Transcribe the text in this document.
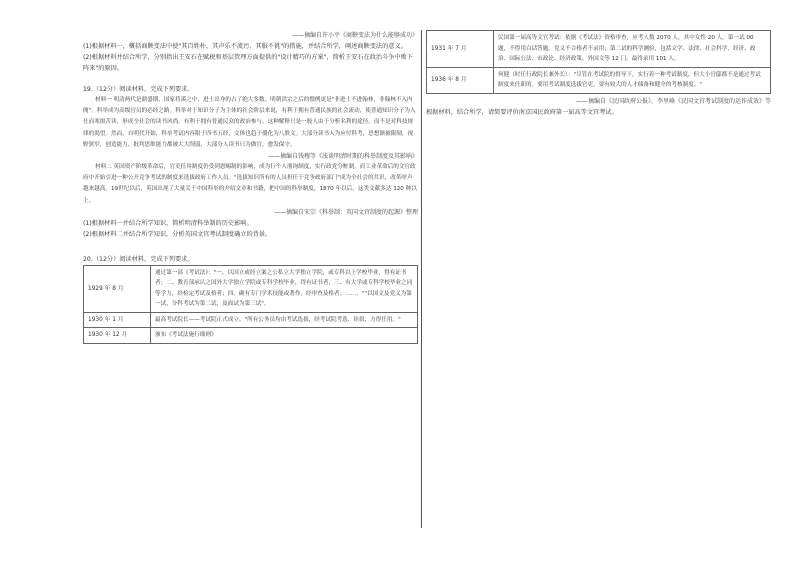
——摘编自许小平《商鞅变法为什么能够成功》

(1)根据材料一，概括商鞅变法中使"其百姓朴，其声乐不流污，其服不佻"的措施，并结合所学，阐述商鞅变法的意义。

(2)根据材料并结合所学，分别指出王安石在赋税和基层管理方面提供的"设计精巧的方案"，简析王安石在政治斗争中败下阵来"的原因。

19.（12分）阅读材料，完成下列要求。

材料一 明清两代是鼎盛期，国家将溪之中，进士出身的占了绝大多数。明朝洪宗之后的惯例更是"非进士不进翰林，非翰林不入内阁"。科举成为高级官员的必经之路。科举对于知识分子为主体的社会阶层来说，有利于拥有普通民族的社会流动，使普通知识分子为入仕而寒窗苦读，形成全社会的读书风尚，有利于拥有普通民众的政治参与。这种解释只是一般人由于分析名利的途径，而不是对科技规律的渴望。然而，自明代开始，科举考试内容限于四书五经，文体也趋于僵化为八股文。大部分读书人为应付科考，思想渐被限制，视野狭窄，创造能力、批判思维能力都被大大削弱，大部分人读书只为做官，愈发保守。

——摘编自钱穆等《浅谈明清时期的科举制度及其影响》

材料二 英国资产阶级革命后，官吏任用制度仍受到恩赐制的影响，成为行个人朋询制度，实行政党分赃制，而工业革命后的文官政府中开始引进一种公开竞争考试的制度来选拔政府工作人员。"选拔知识所有的人员担任于竞争政府部门"成为全社会的共识，改革呼声越来越高。19世纪以后，英国出现了大量关于中国科举的介绍文章和书籍，把中国的科举制度，1870 年以后，这类文献多达 120 种以上。

——摘编自宋宗《科举制：英国文官制度的起源》整理

(1)根据材料一并结合所学知识，简析明清科举制的历史影响。

(2)根据材料二并结合所学知识，分析英国文官考试制度确立的背景。

20.（12分）阅读材料，完成下列要求。

1929 年 8 月	通过第一部《考试法》："一、以国立或经立案之公私立大学独立学院，或专科以上学校毕业，得有证书者；二、教育部承认之国外大学独立学院或专科学校毕业，得有证书者；三、有大学或专科学校毕业之同等学力，经检定考试及格者；四、确有专门学术技能或著作，经审查及格者；……。""以国文及党义为第一试，分科考试为第二试，及面试为第三试"。
1930 年 1 月	最高考试院长——考试院正式成立。"所有公务员均由考试选拔，经考试院考选、铨叙，方得任用。"
1930 年 12 月	颁布《考试法施行细则》
1931 年 7 月	民国第一届高等文官考试：依据《考试法》资格审查，应考人数 2070 人，其中女性 20 人。第一试 00 题，不得用白话答题。党义不合格者不录用；第二试的科学测验，包括文学、法律、社会科学、经济、政治、国际公法、市政论、经济政策、外国文等 12 门。最终录用 101 人。
1936 年 8 月	何健（时任行政院长兼外长）："尽管在考试院的督导下，实行着一种考试制度，但大小官邸都不是通过考试制度来任职的。要用考试制度选拔官吏，要有较大的人才储备和健全的考核制度。"

——摘编自《民国政府公报》、李里峰《民国文官考试制度的运作成效》等

根据材料，结合所学，请简要评价南京国民政府第一届高等文官考试。
